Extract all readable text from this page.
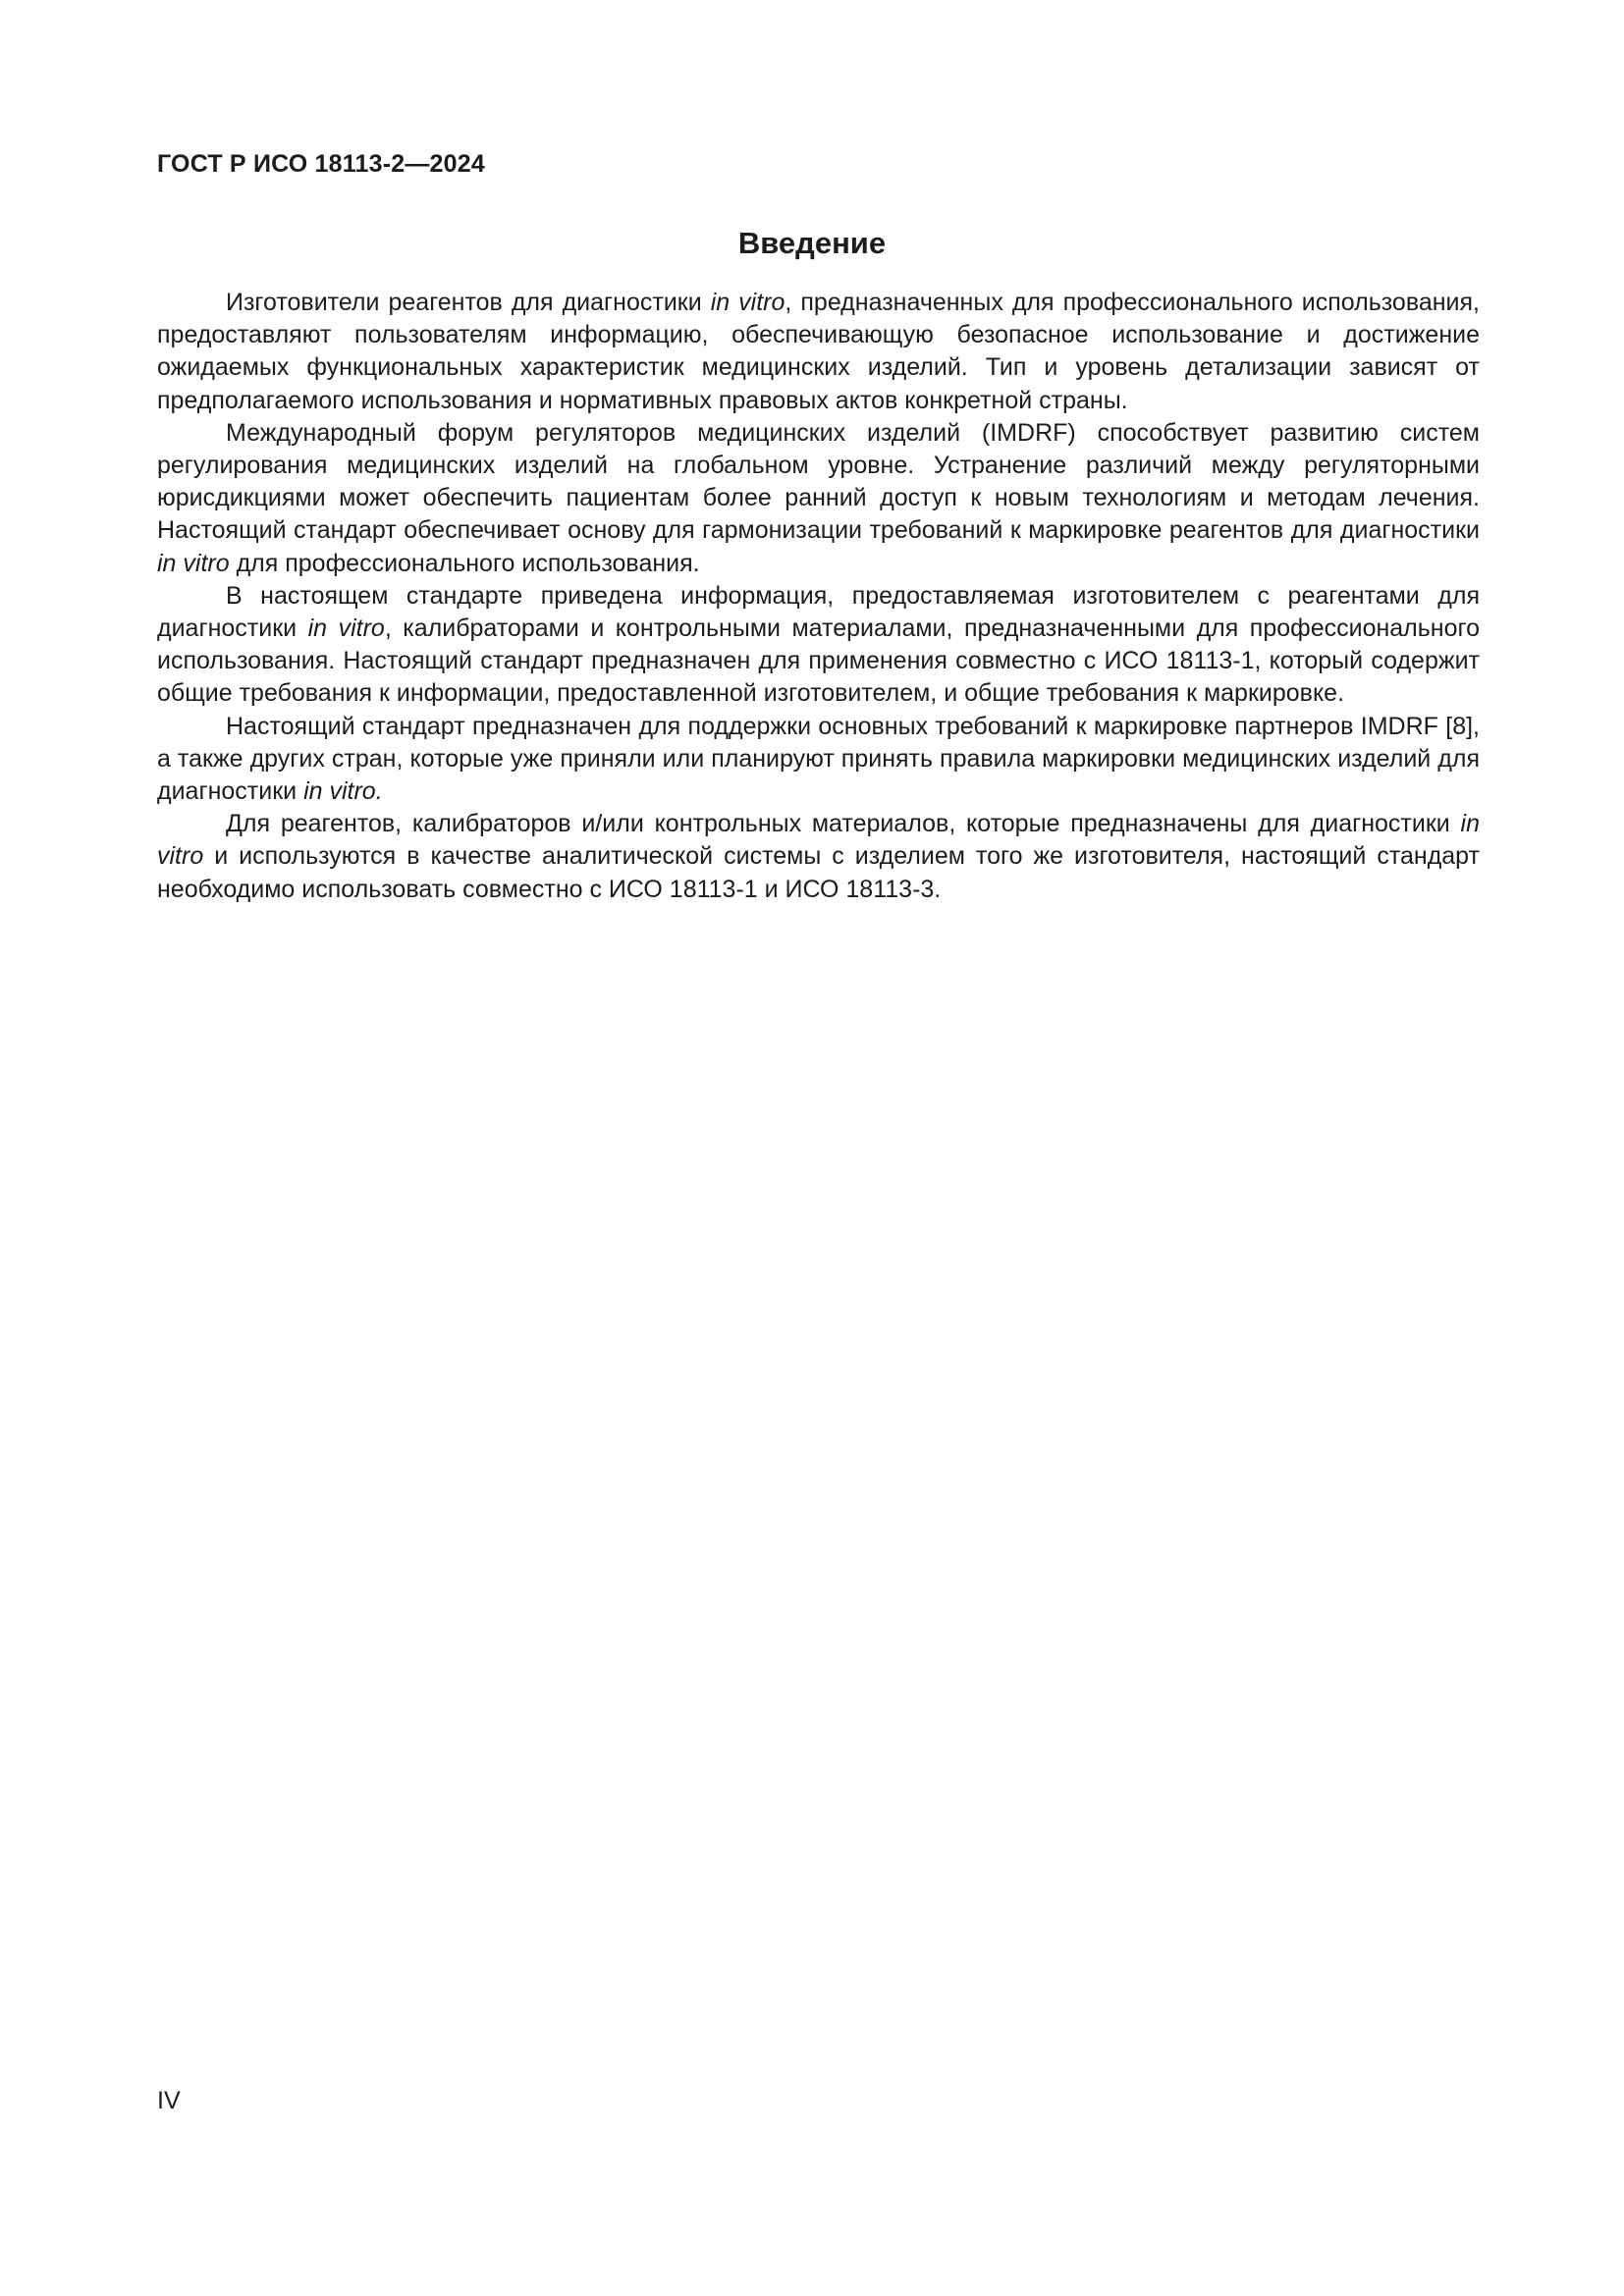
ГОСТ Р ИСО 18113-2—2024
Введение

Изготовители реагентов для диагностики in vitro, предназначенных для профессионального использования, предоставляют пользователям информацию, обеспечивающую безопасное использование и достижение ожидаемых функциональных характеристик медицинских изделий. Тип и уровень детализации зависят от предполагаемого использования и нормативных правовых актов конкретной страны.

Международный форум регуляторов медицинских изделий (IMDRF) способствует развитию систем регулирования медицинских изделий на глобальном уровне. Устранение различий между регуляторными юрисдикциями может обеспечить пациентам более ранний доступ к новым технологиям и методам лечения. Настоящий стандарт обеспечивает основу для гармонизации требований к маркировке реагентов для диагностики in vitro для профессионального использования.

В настоящем стандарте приведена информация, предоставляемая изготовителем с реагентами для диагностики in vitro, калибраторами и контрольными материалами, предназначенными для профессионального использования. Настоящий стандарт предназначен для применения совместно с ИСО 18113-1, который содержит общие требования к информации, предоставленной изготовителем, и общие требования к маркировке.

Настоящий стандарт предназначен для поддержки основных требований к маркировке партнеров IMDRF [8], а также других стран, которые уже приняли или планируют принять правила маркировки медицинских изделий для диагностики in vitro.

Для реагентов, калибраторов и/или контрольных материалов, которые предназначены для диагностики in vitro и используются в качестве аналитической системы с изделием того же изготовителя, настоящий стандарт необходимо использовать совместно с ИСО 18113-1 и ИСО 18113-3.

IV
